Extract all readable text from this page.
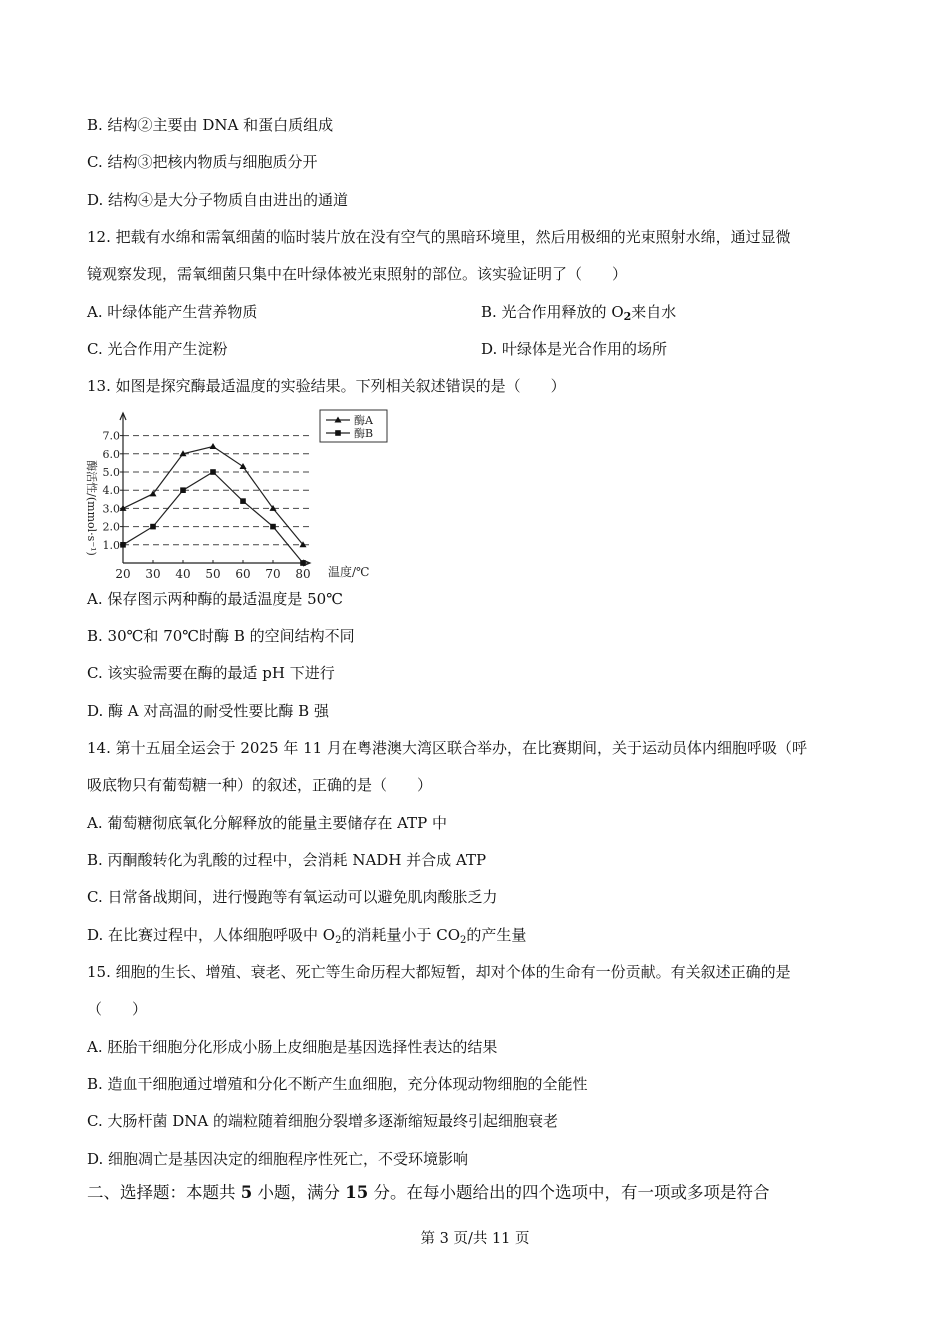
B. 结构②主要由 DNA 和蛋白质组成
C. 结构③把核内物质与细胞质分开
D. 结构④是大分子物质自由进出的通道
12. 把载有水绵和需氧细菌的临时装片放在没有空气的黑暗环境里，然后用极细的光束照射水绵，通过显微
镜观察发现，需氧细菌只集中在叶绿体被光束照射的部位。该实验证明了（　　）
A. 叶绿体能产生营养物质	B. 光合作用释放的 $O_2$来自水
C. 光合作用产生淀粉	D. 叶绿体是光合作用的场所
13. 如图是探究酶最适温度的实验结果。下列相关叙述错误的是（　　）
1.0
2.0
3.0
4.0
5.0
6.0
7.0
20 30 40 50 60 70 80
酶活性/(mmol·s⁻¹)
温度/℃
酶A
酶B
A. 保存图示两种酶的最适温度是 50℃
B. 30℃和 70℃时酶 B 的空间结构不同
C. 该实验需要在酶的最适 pH 下进行
D. 酶 A 对高温的耐受性要比酶 B 强
14. 第十五届全运会于 2025 年 11 月在粤港澳大湾区联合举办，在比赛期间，关于运动员体内细胞呼吸（呼
吸底物只有葡萄糖一种）的叙述，正确的是（　　）
A. 葡萄糖彻底氧化分解释放的能量主要储存在 ATP 中
B. 丙酮酸转化为乳酸的过程中，会消耗 NADH 并合成 ATP
C. 日常备战期间，进行慢跑等有氧运动可以避免肌肉酸胀乏力
D. 在比赛过程中，人体细胞呼吸中 $O_2$的消耗量小于 $CO_2$的产生量
15. 细胞的生长、增殖、衰老、死亡等生命历程大都短暂，却对个体的生命有一份贡献。有关叙述正确的是
（　　）
A. 胚胎干细胞分化形成小肠上皮细胞是基因选择性表达的结果
B. 造血干细胞通过增殖和分化不断产生血细胞，充分体现动物细胞的全能性
C. 大肠杆菌 DNA 的端粒随着细胞分裂增多逐渐缩短最终引起细胞衰老
D. 细胞凋亡是基因决定的细胞程序性死亡，不受环境影响
二、选择题：本题共 5 小题，满分 15 分。在每小题给出的四个选项中，有一项或多项是符合
第 3 页/共 11 页
